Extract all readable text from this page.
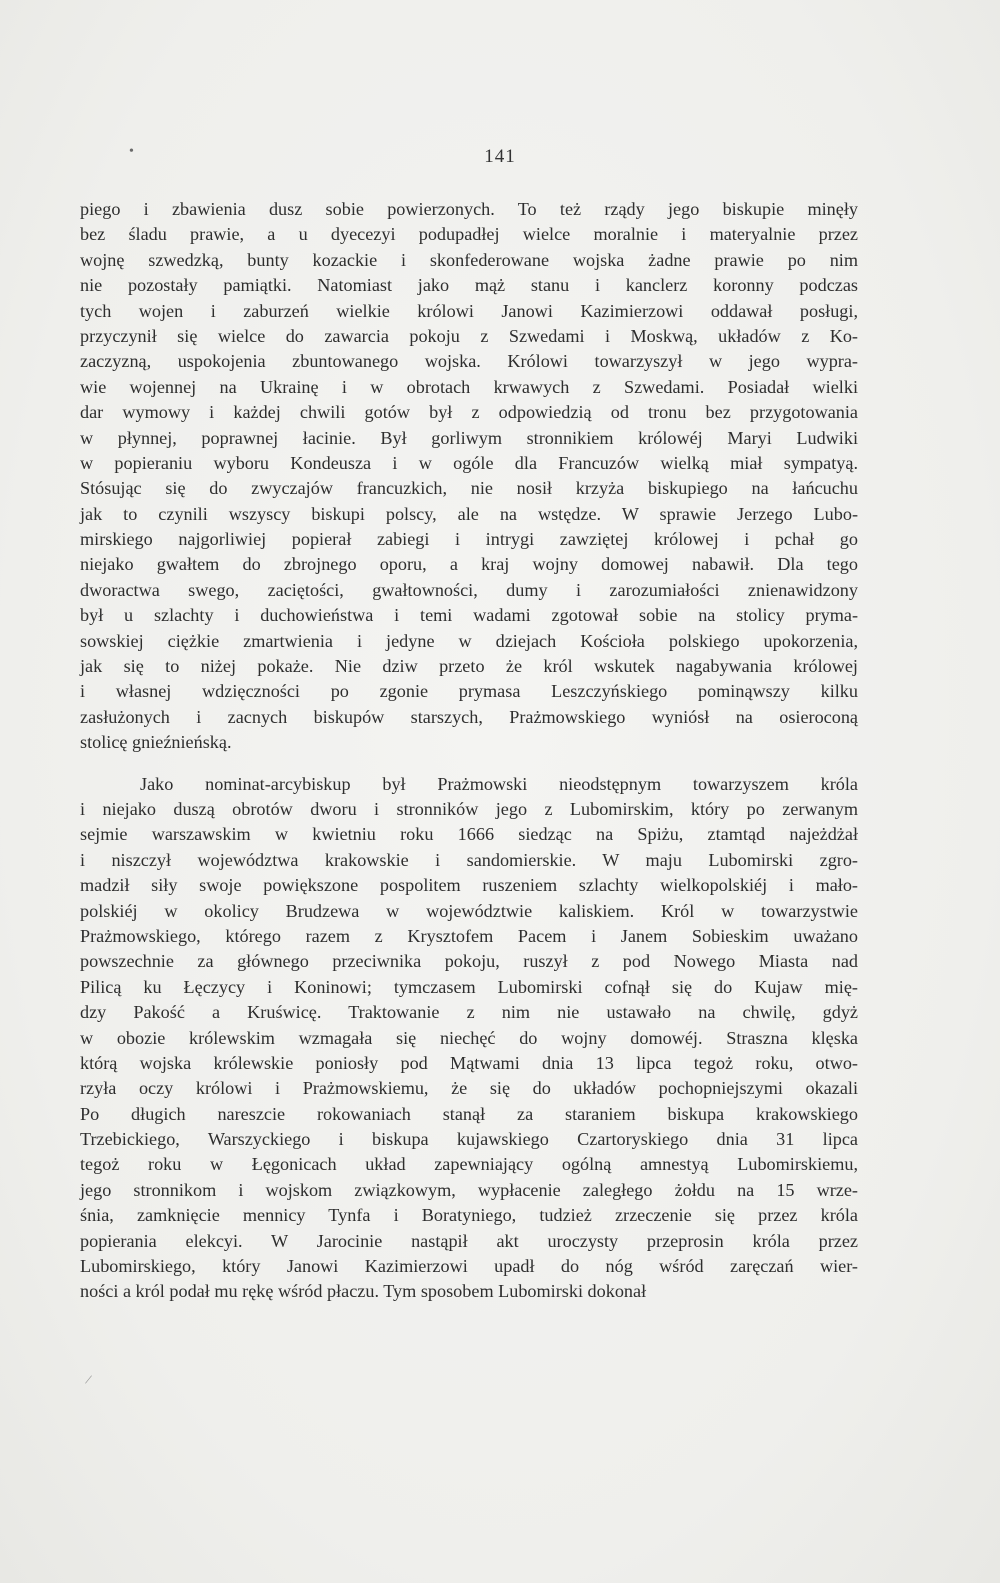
•	141
piego i zbawienia dusz sobie powierzonych. To też rządy jego biskupie minęły
bez śladu prawie, a u dyecezyi podupadłej wielce moralnie i materyalnie przez
wojnę szwedzką, bunty kozackie i skonfederowane wojska żadne prawie po nim
nie pozostały pamiątki. Natomiast jako mąż stanu i kanclerz koronny podczas
tych wojen i zaburzeń wielkie królowi Janowi Kazimierzowi oddawał posługi,
przyczynił się wielce do zawarcia pokoju z Szwedami i Moskwą, układów z Ko-
zaczyzną, uspokojenia zbuntowanego wojska. Królowi towarzyszył w jego wypra-
wie wojennej na Ukrainę i w obrotach krwawych z Szwedami. Posiadał wielki
dar wymowy i każdej chwili gotów był z odpowiedzią od tronu bez przygotowania
w płynnej, poprawnej łacinie. Był gorliwym stronnikiem królowéj Maryi Ludwiki
w popieraniu wyboru Kondeusza i w ogóle dla Francuzów wielką miał sympatyą.
Stósując się do zwyczajów francuzkich, nie nosił krzyża biskupiego na łańcuchu
jak to czynili wszyscy biskupi polscy, ale na wstędze. W sprawie Jerzego Lubo-
mirskiego najgorliwiej popierał zabiegi i intrygi zawziętej królowej i pchał go
niejako gwałtem do zbrojnego oporu, a kraj wojny domowej nabawił. Dla tego
dworactwa swego, zaciętości, gwałtowności, dumy i zarozumiałości znienawidzony
był u szlachty i duchowieństwa i temi wadami zgotował sobie na stolicy pryma-
sowskiej ciężkie zmartwienia i jedyne w dziejach Kościoła polskiego upokorzenia,
jak się to niżej pokaże. Nie dziw przeto że król wskutek nagabywania królowej
i własnej wdzięczności po zgonie prymasa Leszczyńskiego pominąwszy kilku
zasłużonych i zacnych biskupów starszych, Prażmowskiego wyniósł na osieroconą
stolicę gnieźnieńską.
Jako nominat-arcybiskup był Prażmowski nieodstępnym towarzyszem króla
i niejako duszą obrotów dworu i stronników jego z Lubomirskim, który po zerwanym
sejmie warszawskim w kwietniu roku 1666 siedząc na Spiżu, ztamtąd najeżdżał
i niszczył województwa krakowskie i sandomierskie. W maju Lubomirski zgro-
madził siły swoje powiększone pospolitem ruszeniem szlachty wielkopolskiéj i mało-
polskiéj w okolicy Brudzewa w województwie kaliskiem. Król w towarzystwie
Prażmowskiego, którego razem z Krysztofem Pacem i Janem Sobieskim uważano
powszechnie za głównego przeciwnika pokoju, ruszył z pod Nowego Miasta nad
Pilicą ku Łęczycy i Koninowi; tymczasem Lubomirski cofnął się do Kujaw mię-
dzy Pakość a Kruświcę. Traktowanie z nim nie ustawało na chwilę, gdyż
w obozie królewskim wzmagała się niechęć do wojny domowéj. Straszna klęska
którą wojska królewskie poniosły pod Mątwami dnia 13 lipca tegoż roku, otwo-
rzyła oczy królowi i Prażmowskiemu, że się do układów pochopniejszymi okazali
Po długich nareszcie rokowaniach stanął za staraniem biskupa krakowskiego
Trzebickiego, Warszyckiego i biskupa kujawskiego Czartoryskiego dnia 31 lipca
tegoż roku w Łęgonicach układ zapewniający ogólną amnestyą Lubomirskiemu,
jego stronnikom i wojskom związkowym, wypłacenie zaległego żołdu na 15 wrze-
śnia, zamknięcie mennicy Tynfa i Boratyniego, tudzież zrzeczenie się przez króla
popierania elekcyi. W Jarocinie nastąpił akt uroczysty przeprosin króla przez
Lubomirskiego, który Janowi Kazimierzowi upadł do nóg wśród zaręczań wier-
ności a król podał mu rękę wśród płaczu. Tym sposobem Lubomirski dokonał
/
